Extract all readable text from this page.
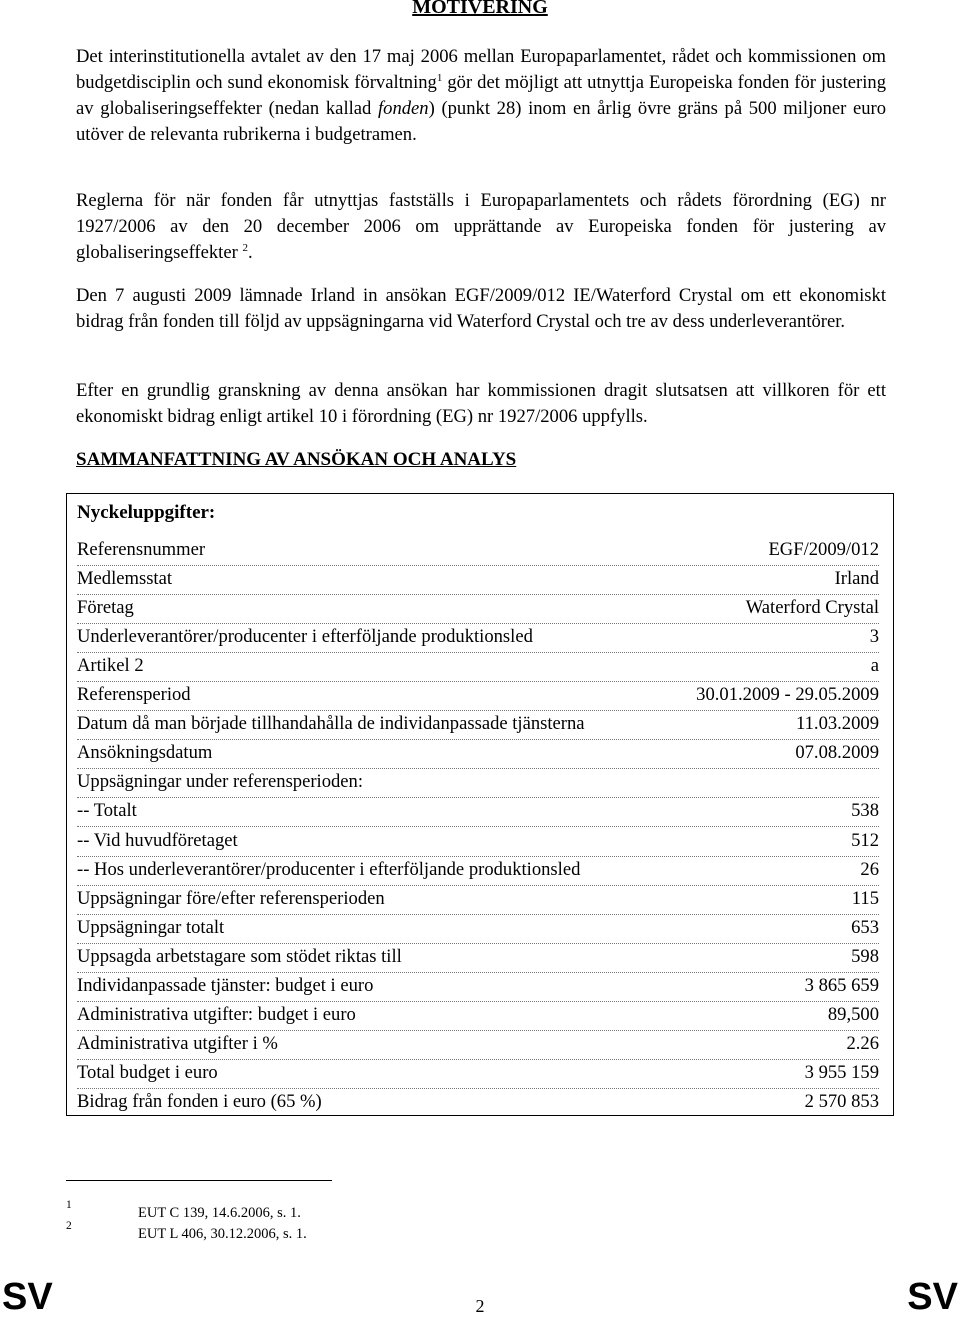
MOTIVERING
Det interinstitutionella avtalet av den 17 maj 2006 mellan Europaparlamentet, rådet och kommissionen om budgetdisciplin och sund ekonomisk förvaltning$^1$ gör det möjligt att utnyttja Europeiska fonden för justering av globaliseringseffekter (nedan kallad fonden) (punkt 28) inom en årlig övre gräns på 500 miljoner euro utöver de relevanta rubrikerna i budgetramen.
Reglerna för när fonden får utnyttjas fastställs i Europaparlamentets och rådets förordning (EG) nr 1927/2006 av den 20 december 2006 om upprättande av Europeiska fonden för justering av globaliseringseffekter $^2$.
Den 7 augusti 2009 lämnade Irland in ansökan EGF/2009/012 IE/Waterford Crystal om ett ekonomiskt bidrag från fonden till följd av uppsägningarna vid Waterford Crystal och tre av dess underleverantörer.
Efter en grundlig granskning av denna ansökan har kommissionen dragit slutsatsen att villkoren för ett ekonomiskt bidrag enligt artikel 10 i förordning (EG) nr 1927/2006 uppfylls.
SAMMANFATTNING AV ANSÖKAN OCH ANALYS
Nyckeluppgifter:
Referensnummer	EGF/2009/012
Medlemsstat	Irland
Företag	Waterford Crystal
Underleverantörer/producenter i efterföljande produktionsled	3
Artikel 2	a
Referensperiod	30.01.2009 - 29.05.2009
Datum då man började tillhandahålla de individanpassade tjänsterna	11.03.2009
Ansökningsdatum	07.08.2009
Uppsägningar under referensperioden:
-- Totalt	538
-- Vid huvudföretaget	512
-- Hos underleverantörer/producenter i efterföljande produktionsled	26
Uppsägningar före/efter referensperioden	115
Uppsägningar totalt	653
Uppsagda arbetstagare som stödet riktas till	598
Individanpassade tjänster: budget i euro	3 865 659
Administrativa utgifter: budget i euro	89,500
Administrativa utgifter i %	2.26
Total budget i euro	3 955 159
Bidrag från fonden i euro (65 %)	2 570 853
1	EUT C 139, 14.6.2006, s. 1.
2	EUT L 406, 30.12.2006, s. 1.
SV	2	SV
